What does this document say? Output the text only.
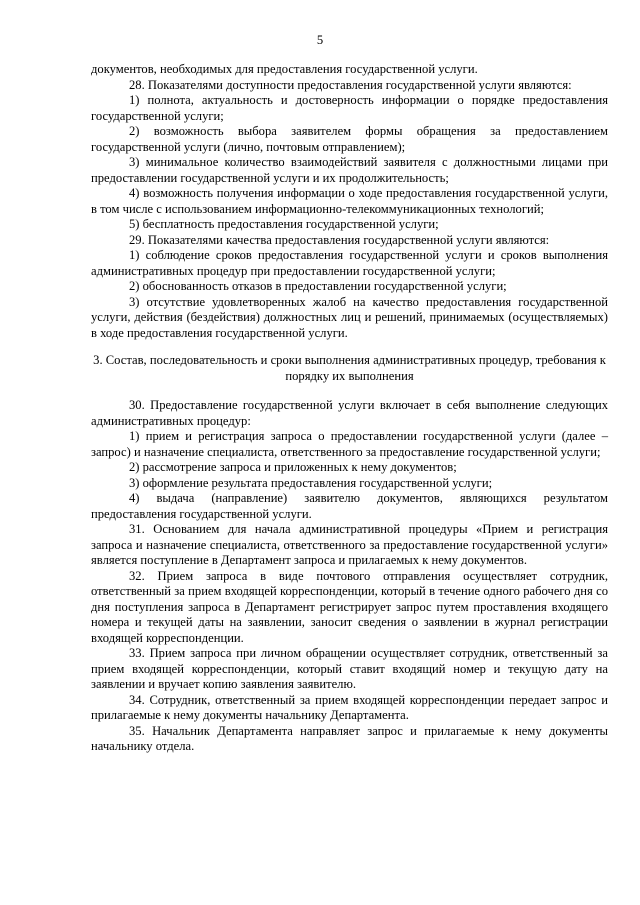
5

документов, необходимых для предоставления государственной услуги.

28. Показателями доступности предоставления государственной услуги являются:

1) полнота, актуальность и достоверность информации о порядке предоставления государственной услуги;

2) возможность выбора заявителем формы обращения за предоставлением государственной услуги (лично, почтовым отправлением);

3) минимальное количество взаимодействий заявителя с должностными лицами при предоставлении государственной услуги и их продолжительность;

4) возможность получения информации о ходе предоставления государственной услуги, в том числе с использованием информационно-телекоммуникационных технологий;

5) бесплатность предоставления государственной услуги;

29. Показателями качества предоставления государственной услуги являются:

1) соблюдение сроков предоставления государственной услуги и сроков выполнения административных процедур при предоставлении государственной услуги;

2) обоснованность отказов в предоставлении государственной услуги;

3) отсутствие удовлетворенных жалоб на качество предоставления государственной услуги, действия (бездействия) должностных лиц и решений, принимаемых (осуществляемых) в ходе предоставления государственной услуги.

3. Состав, последовательность и сроки выполнения административных процедур, требования к порядку их выполнения

30. Предоставление государственной услуги включает в себя выполнение следующих административных процедур:

1) прием и регистрация запроса о предоставлении государственной услуги (далее – запрос) и назначение специалиста, ответственного за предоставление государственной услуги;

2) рассмотрение запроса и приложенных к нему документов;

3) оформление результата предоставления государственной услуги;

4) выдача (направление) заявителю документов, являющихся результатом предоставления государственной услуги.

31. Основанием для начала административной процедуры «Прием и регистрация запроса и назначение специалиста, ответственного за предоставление государственной услуги» является поступление в Департамент запроса и прилагаемых к нему документов.

32. Прием запроса в виде почтового отправления осуществляет сотрудник, ответственный за прием входящей корреспонденции, который в течение одного рабочего дня со дня поступления запроса в Департамент регистрирует запрос путем проставления входящего номера и текущей даты на заявлении, заносит сведения о заявлении в журнал регистрации входящей корреспонденции.

33. Прием запроса при личном обращении осуществляет сотрудник, ответственный за прием входящей корреспонденции, который ставит входящий номер и текущую дату на заявлении и вручает копию заявления заявителю.

34. Сотрудник, ответственный за прием входящей корреспонденции передает запрос и прилагаемые к нему документы начальнику Департамента.

35. Начальник Департамента направляет запрос и прилагаемые к нему документы начальнику отдела.
